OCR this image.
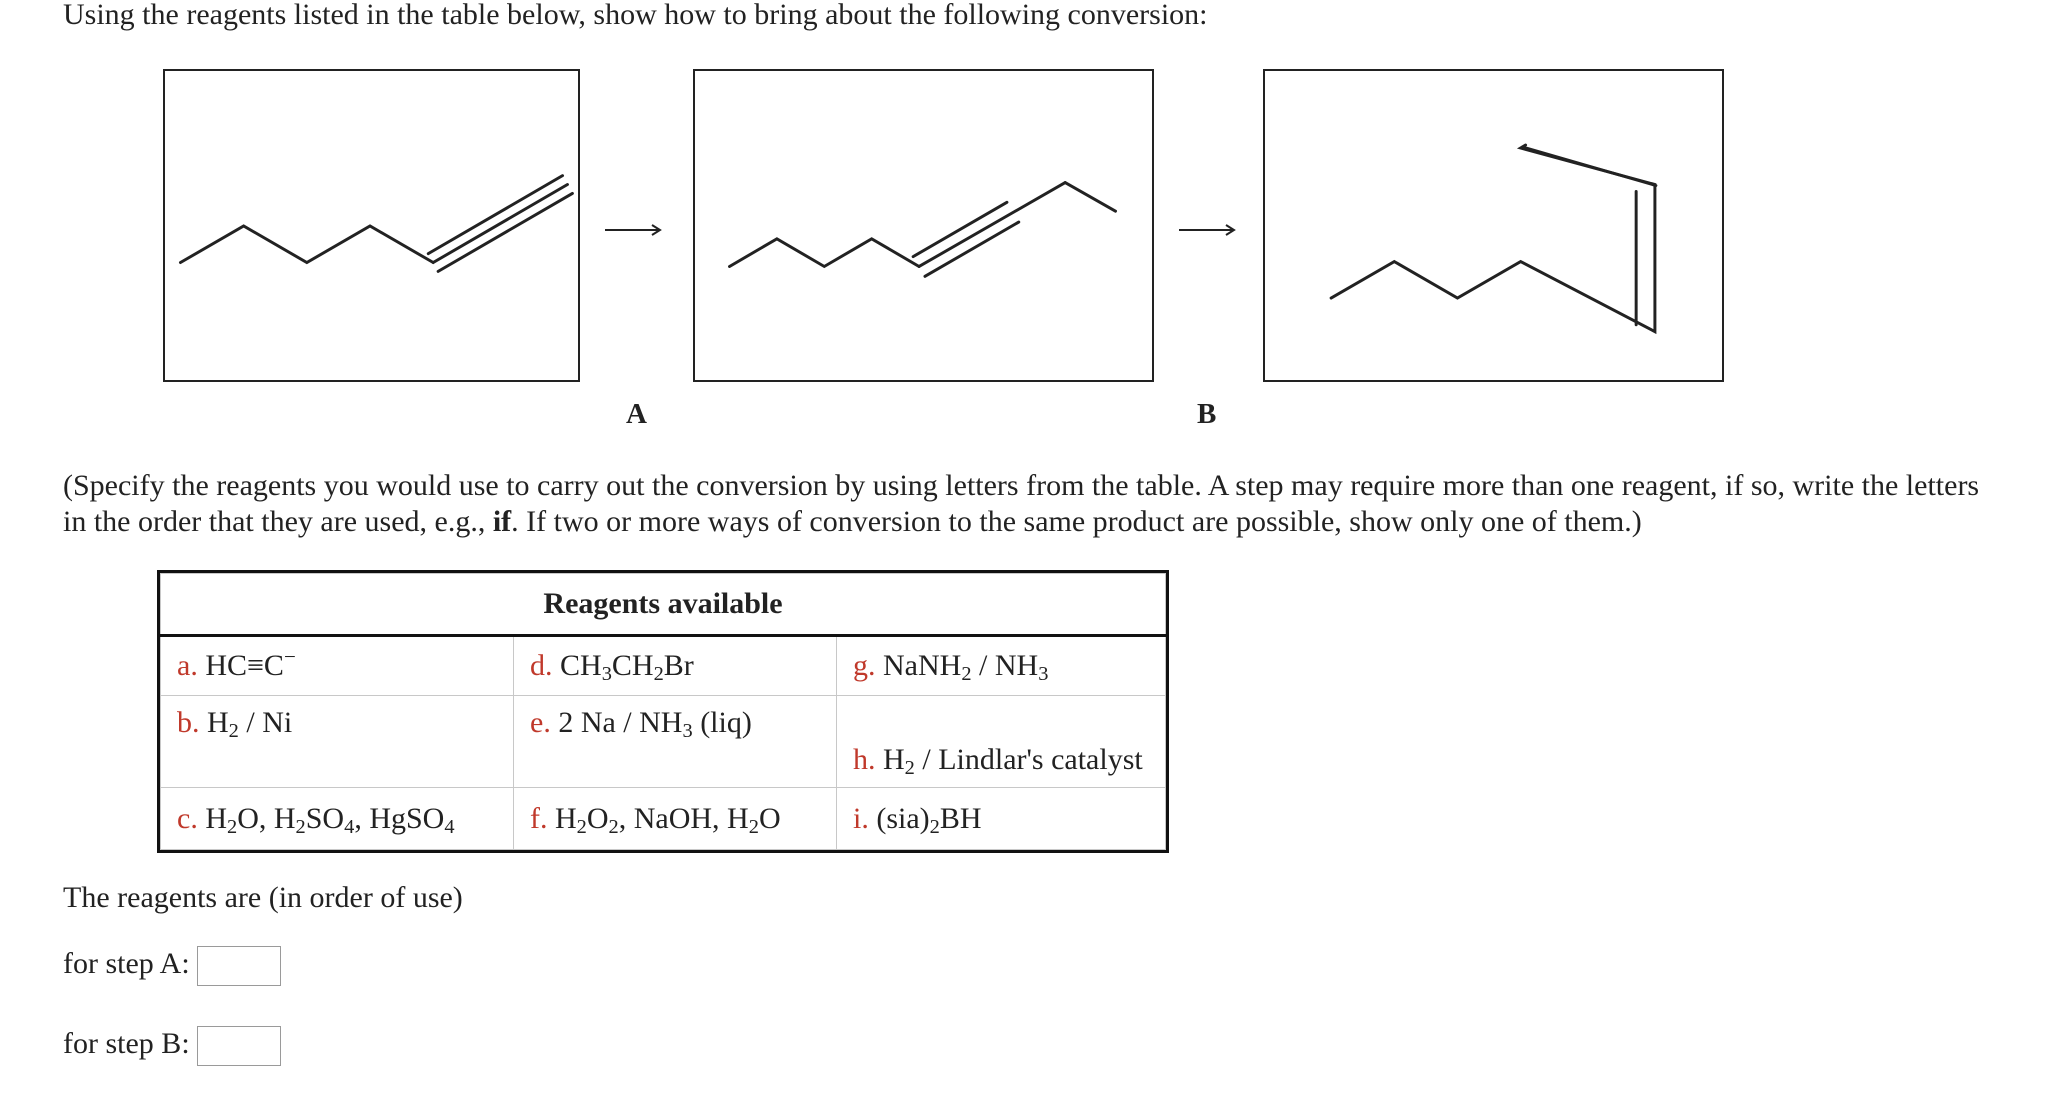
Using the reagents listed in the table below, show how to bring about the following conversion:

A	B

(Specify the reagents you would use to carry out the conversion by using letters from the table. A step may require more than one reagent, if so, write the letters in the order that they are used, e.g., if. If two or more ways of conversion to the same product are possible, show only one of them.)

Reagents available		
a. HC≡C−	d. $CH_3CH_2Br$	g. NaNH$_2$ / $NH_3$
b. $H_2$ / Ni	e. 2 Na / $NH_3$ (liq)	h. $H_2$ / Lindlar's catalyst
c. $H_2O$, $H_2SO_4$, HgSO$_4$	f. $H_2O_2$, NaOH, $H_2O$	i. $(sia)_2BH$

The reagents are (in order of use)

for step A:
for step B:
